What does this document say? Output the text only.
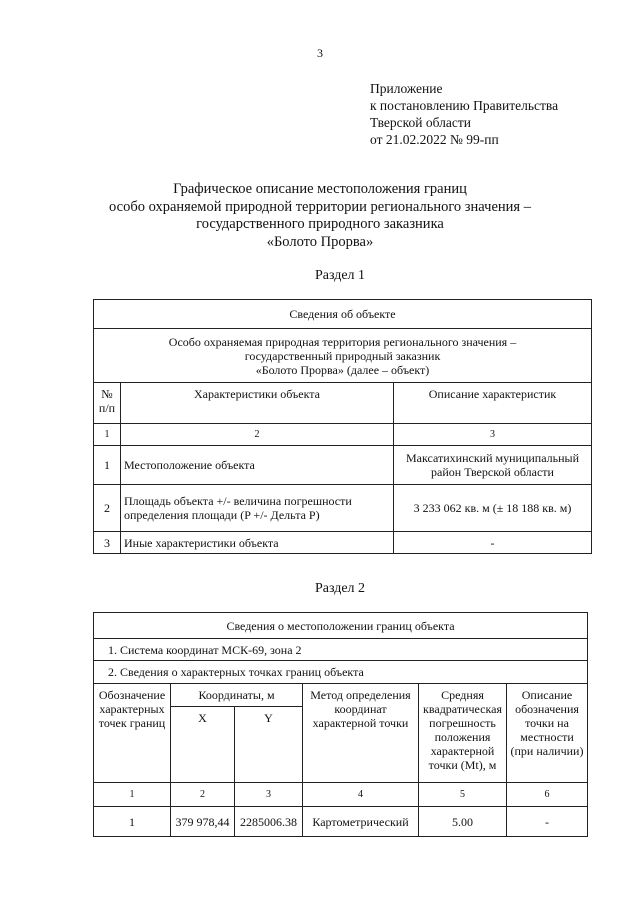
3
Приложение
к постановлению Правительства
Тверской области
от 21.02.2022 № 99-пп
Графическое описание местоположения границ
особо охраняемой природной территории регионального значения –
государственного природного заказника
«Болото Прорва»
Раздел 1
Сведения об объекте		

Особо охраняемая природная территория регионального значения –
государственный природный заказник
«Болото Прорва» (далее – объект)		

№ п/п	Характеристики объекта	Описание характеристик
1	2	3
1	Местоположение объекта	Максатихинский муниципальный район Тверской области
2	Площадь объекта +/- величина погрешности определения площади (P +/- Дельта P)	3 233 062 кв. м (± 18 188 кв. м)
3	Иные характеристики объекта	-
Раздел 2
Сведения о местоположении границ объекта					
1. Система координат МСК-69, зона 2					
2. Сведения о характерных точках границ объекта					
Обозначение характерных точек границ	Координаты, м		Метод определения координат характерной точки	Средняя квадратическая погрешность положения характерной точки (Mt), м	Описание обозначения точки на местности (при наличии)
	X	Y			
1	2	3	4	5	6
1	379 978,44	2285006.38	Картометрический	5.00	-
